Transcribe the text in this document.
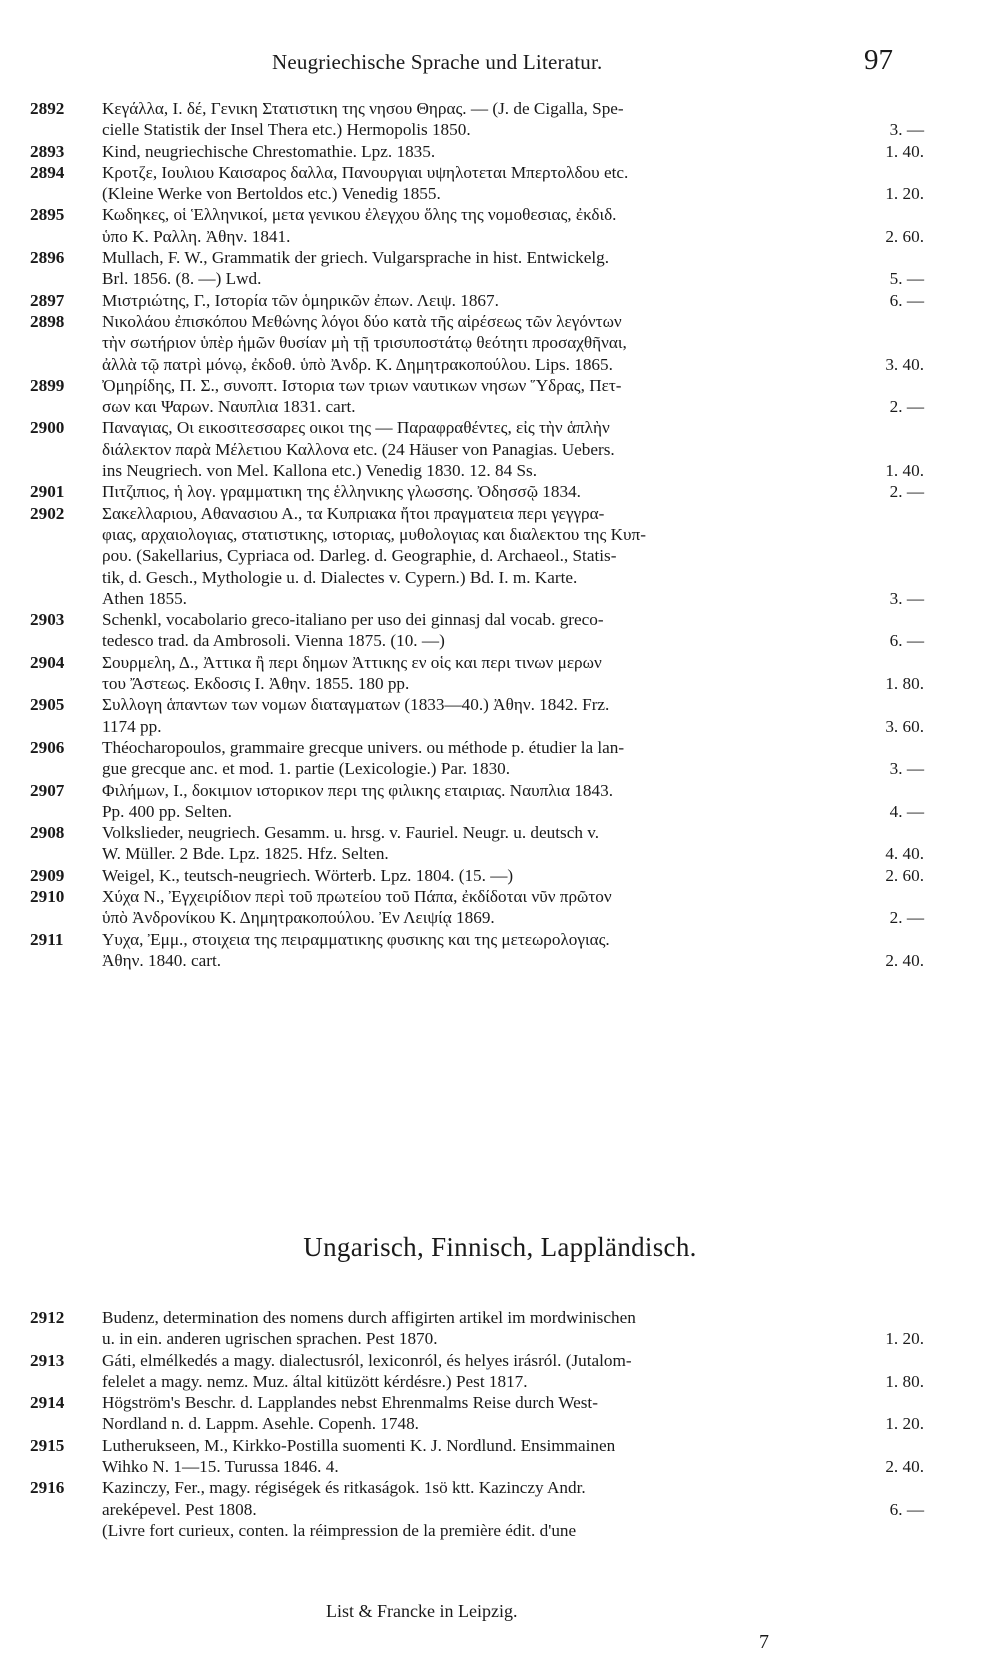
Neugriechische Sprache und Literatur.	97
2892	Κεγάλλα, Ι. δέ, Γενικη Στατιστικη της νησου Θηρας. — (J. de Cigalla, Spe-
cielle Statistik der Insel Thera etc.) Hermopolis 1850.	3. —
2893	Kind, neugriechische Chrestomathie. Lpz. 1835.	1. 40.
2894	Κροτζε, Ιουλιου Καισαρος δαλλα, Πανουργιαι υψηλοτεται Μπερτολδου etc.
(Kleine Werke von Bertoldos etc.) Venedig 1855.	1. 20.
2895	Κωδηκες, οἱ Ἑλληνικοί, μετα γενικου ἐλεγχου ὅλης της νομοθεσιας, ἐκδιδ.
ὑπο Κ. Ραλλη. Ἀθην. 1841.	2. 60.
2896	Mullach, F. W., Grammatik der griech. Vulgarsprache in hist. Entwickelg.
Brl. 1856. (8. —) Lwd.	5. —
2897	Μιστριώτης, Γ., Ιστορία τῶν ὁμηρικῶν ἐπων. Λειψ. 1867.	6. —
2898	Νικολάου ἐπισκόπου Μεθώνης λόγοι δύο κατὰ τῆς αἱρέσεως τῶν λεγόντων
τὴν σωτήριον ὑπὲρ ἡμῶν θυσίαν μὴ τῇ τρισυποστάτῳ θεότητι προσαχθῆναι,
ἀλλὰ τῷ πατρὶ μόνῳ, ἐκδοθ. ὑπὸ Ἀνδρ. Κ. Δημητρακοπούλου. Lips. 1865.	3. 40.
2899	Ὀμηρίδης, Π. Σ., συνοπτ. Ιστορια των τριων ναυτικων νησων Ὕδρας, Πετ-
σων και Ψαρων. Ναυπλια 1831. cart.	2. —
2900	Παναγιας, Οι εικοσιτεσσαρες οικοι της — Παραφραθέντες, εἰς τὴν ἁπλὴν
διάλεκτον παρὰ Μέλετιου Καλλονα etc. (24 Häuser von Panagias. Uebers.
ins Neugriech. von Mel. Kallona etc.) Venedig 1830. 12. 84 Ss.	1. 40.
2901	Πιτζιπιος, ἡ λογ. γραμματικη της ἑλληνικης γλωσσης. Ὀδησσῷ 1834.	2. —
2902	Σακελλαριου, Αθανασιου Α., τα Κυπριακα ἤτοι πραγματεια περι γεγγρα-
φιας, αρχαιολογιας, στατιστικης, ιστοριας, μυθολογιας και διαλεκτου της Κυπ-
ρου. (Sakellarius, Cypriaca od. Darleg. d. Geographie, d. Archaeol., Statis-
tik, d. Gesch., Mythologie u. d. Dialectes v. Cypern.) Bd. I. m. Karte.
Athen 1855.	3. —
2903	Schenkl, vocabolario greco-italiano per uso dei ginnasj dal vocab. greco-
tedesco trad. da Ambrosoli. Vienna 1875. (10. —)	6. —
2904	Σουρμελη, Δ., Ἀττικα ἢ περι δημων Ἀττικης εν οἱς και περι τινων μερων
του Ἄστεως. Εκδοσις Ι. Ἀθην. 1855. 180 pp.	1. 80.
2905	Συλλογη ἁπαντων των νομων διαταγματων (1833—40.) Ἀθην. 1842. Frz.
1174 pp.	3. 60.
2906	Théocharopoulos, grammaire grecque univers. ou méthode p. étudier la lan-
gue grecque anc. et mod. 1. partie (Lexicologie.) Par. 1830.	3. —
2907	Φιλήμων, Ι., δοκιμιον ιστορικον περι της φιλικης εταιριας. Ναυπλια 1843.
Pp. 400 pp. Selten.	4. —
2908	Volkslieder, neugriech. Gesamm. u. hrsg. v. Fauriel. Neugr. u. deutsch v.
W. Müller. 2 Bde. Lpz. 1825. Hfz. Selten.	4. 40.
2909	Weigel, K., teutsch-neugriech. Wörterb. Lpz. 1804. (15. —)	2. 60.
2910	Χύχα Ν., Ἐγχειρίδιον περὶ τοῦ πρωτείου τοῦ Πάπα, ἐκδίδοται νῦν πρῶτον
ὑπὸ Ἀνδρονίκου Κ. Δημητρακοπούλου. Ἐν Λειψίᾳ 1869.	2. —
2911	Υυχα, Ἐμμ., στοιχεια της πειραμματικης φυσικης και της μετεωρολογιας.
Ἀθην. 1840. cart.	2. 40.
Ungarisch, Finnisch, Lappländisch.
2912	Budenz, determination des nomens durch affigirten artikel im mordwinischen
u. in ein. anderen ugrischen sprachen. Pest 1870.	1. 20.
2913	Gáti, elmélkedés a magy. dialectusról, lexiconról, és helyes irásról. (Jutalom-
felelet a magy. nemz. Muz. által kitüzött kérdésre.) Pest 1817.	1. 80.
2914	Högström's Beschr. d. Lapplandes nebst Ehrenmalms Reise durch West-
Nordland n. d. Lappm. Asehle. Copenh. 1748.	1. 20.
2915	Lutherukseen, M., Kirkko-Postilla suomenti K. J. Nordlund. Ensimmainen
Wihko N. 1—15. Turussa 1846. 4.	2. 40.
2916	Kazinczy, Fer., magy. régiségek és ritkaságok. 1sö ktt. Kazinczy Andr.
areképevel. Pest 1808.	6. —
(Livre fort curieux, conten. la réimpression de la première édit. d'une
List & Francke in Leipzig.
7
